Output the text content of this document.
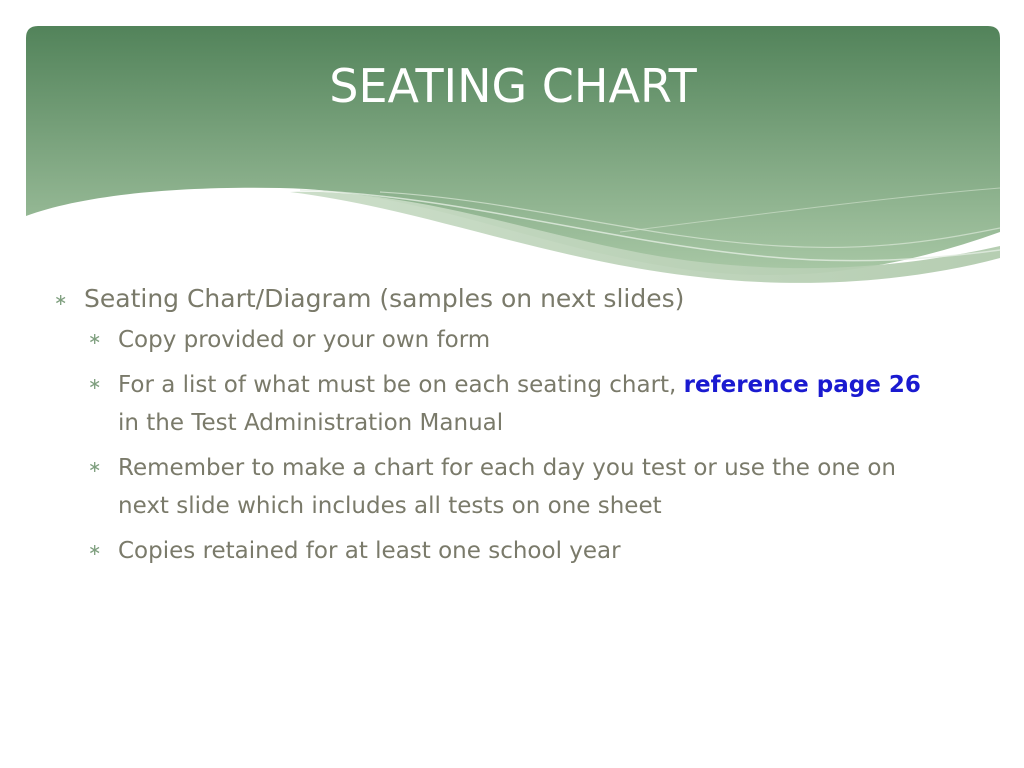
SEATING CHART
∗ Seating Chart/Diagram (samples on next slides)
∗ Copy provided or your own form
∗ For a list of what must be on each seating chart, reference page 26 in the Test Administration Manual
∗ Remember to make a chart for each day you test or use the one on next slide which includes all tests on one sheet
∗ Copies retained for at least one school year
